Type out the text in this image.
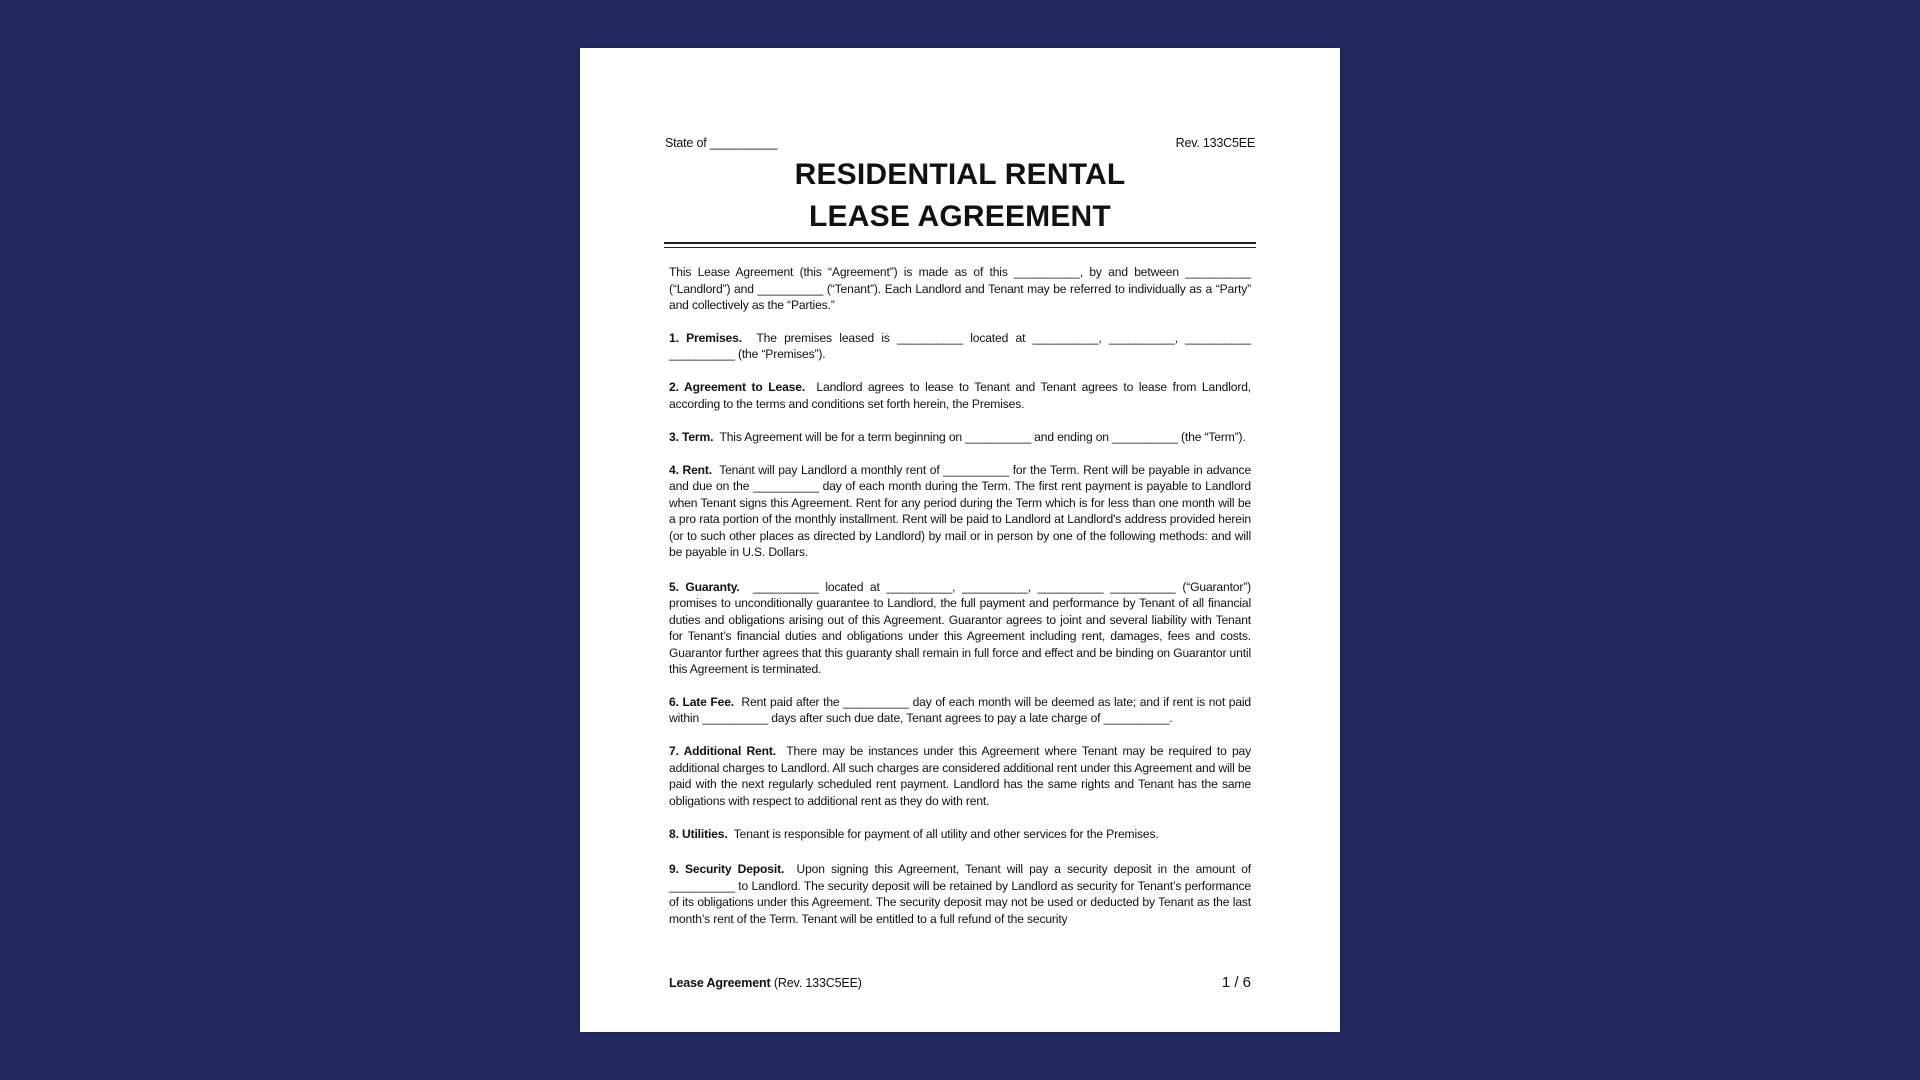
State of __________	Rev. 133C5EE
RESIDENTIAL RENTAL
LEASE AGREEMENT

This Lease Agreement (this “Agreement”) is made as of this __________, by and between __________ (“Landlord”) and __________ (“Tenant”). Each Landlord and Tenant may be referred to individually as a “Party” and collectively as the “Parties.”

1. Premises. The premises leased is __________ located at __________, __________, __________ __________ (the “Premises”).

2. Agreement to Lease. Landlord agrees to lease to Tenant and Tenant agrees to lease from Landlord, according to the terms and conditions set forth herein, the Premises.

3. Term. This Agreement will be for a term beginning on __________ and ending on __________ (the “Term”).

4. Rent. Tenant will pay Landlord a monthly rent of __________ for the Term. Rent will be payable in advance and due on the __________ day of each month during the Term. The first rent payment is payable to Landlord when Tenant signs this Agreement. Rent for any period during the Term which is for less than one month will be a pro rata portion of the monthly installment. Rent will be paid to Landlord at Landlord's address provided herein (or to such other places as directed by Landlord) by mail or in person by one of the following methods: and will be payable in U.S. Dollars.

5. Guaranty. __________ located at __________, __________, __________ __________ (“Guarantor”) promises to unconditionally guarantee to Landlord, the full payment and performance by Tenant of all financial duties and obligations arising out of this Agreement. Guarantor agrees to joint and several liability with Tenant for Tenant’s financial duties and obligations under this Agreement including rent, damages, fees and costs. Guarantor further agrees that this guaranty shall remain in full force and effect and be binding on Guarantor until this Agreement is terminated.

6. Late Fee. Rent paid after the __________ day of each month will be deemed as late; and if rent is not paid within __________ days after such due date, Tenant agrees to pay a late charge of __________.

7. Additional Rent. There may be instances under this Agreement where Tenant may be required to pay additional charges to Landlord. All such charges are considered additional rent under this Agreement and will be paid with the next regularly scheduled rent payment. Landlord has the same rights and Tenant has the same obligations with respect to additional rent as they do with rent.

8. Utilities. Tenant is responsible for payment of all utility and other services for the Premises.

9. Security Deposit. Upon signing this Agreement, Tenant will pay a security deposit in the amount of __________ to Landlord. The security deposit will be retained by Landlord as security for Tenant’s performance of its obligations under this Agreement. The security deposit may not be used or deducted by Tenant as the last month’s rent of the Term. Tenant will be entitled to a full refund of the security

Lease Agreement (Rev. 133C5EE)	1 / 6
